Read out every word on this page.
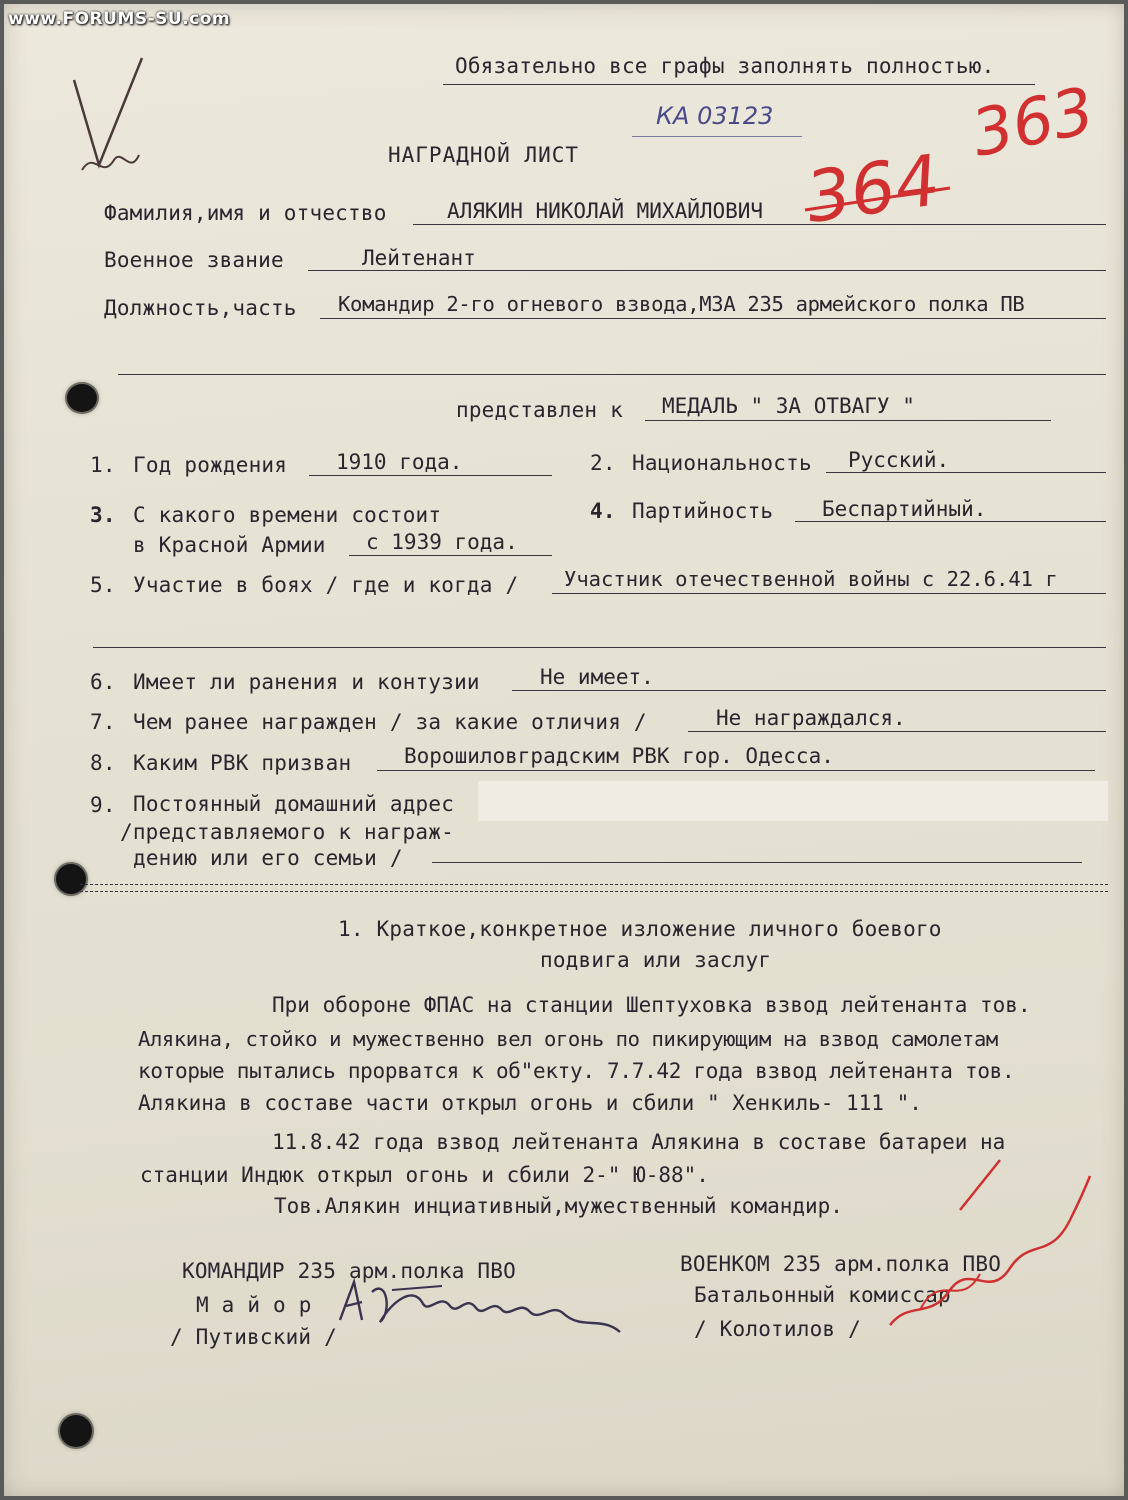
www.FORUMS-SU.com
Обязательно все графы заполнять полностью.
КА 03123
364
363
НАГРАДНОЙ ЛИСТ
Фамилия,имя и отчество	АЛЯКИН НИКОЛАЙ МИХАЙЛОВИЧ
Военное звание	Лейтенант
Должность,часть Командир 2-го огневого взвода,МЗА 235 армейского полка ПВ
представлен к МЕДАЛЬ " ЗА ОТВАГУ "
1. Год рождения 1910 года.	2. Национальность Русский.
3. С какого времени состоит
в Красной Армии с 1939 года.
4. Партийность Беспартийный.
5. Участие в боях / где и когда / Участник отечественной войны с 22.6.41 г
6. Имеет ли ранения и контузии	Не имеет.
7. Чем ранее награжден / за какие отличия /	Не награждался.
8. Каким РВК призван	Ворошиловградским РВК гор. Одесса.
9. Постоянный домашний адрес
/представляемого к награж-
дению или его семьи /
1. Краткое,конкретное изложение личного боевого
подвига или заслуг
При обороне ФПАС на станции Шептуховка взвод лейтенанта тов.
Алякина, стойко и мужественно вел огонь по пикирующим на взвод самолетам
которые пытались прорватся к об"екту. 7.7.42 года взвод лейтенанта тов.
Алякина в составе части открыл огонь и сбили " Хенкиль- 111 ".
11.8.42 года взвод лейтенанта Алякина в составе батареи на
станции Индюк открыл огонь и сбили 2-" Ю-88".
Тов.Алякин инциативный,мужественный командир.
КОМАНДИР 235 арм.полка ПВО
М а й о р
/ Путивский /
ВОЕНКОМ 235 арм.полка ПВО
Батальонный комиссар
/ Колотилов /
